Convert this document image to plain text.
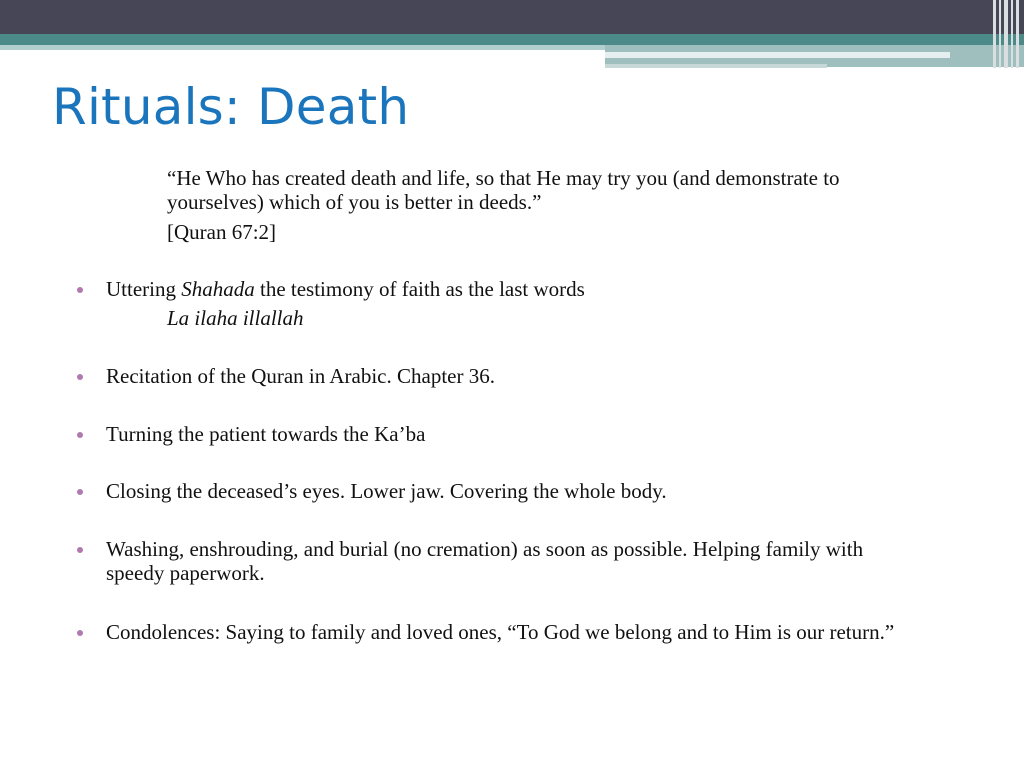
Rituals: Death
“He Who has created death and life, so that He may try you (and demonstrate to yourselves) which of you is better in deeds.”
[Quran 67:2]
Uttering Shahada the testimony of faith as the last words
La ilaha illallah
Recitation of the Quran in Arabic. Chapter 36.
Turning the patient towards the Ka’ba
Closing the deceased’s eyes. Lower jaw. Covering the whole body.
Washing, enshrouding, and burial (no cremation) as soon as possible. Helping family with speedy paperwork.
Condolences: Saying to family and loved ones, “To God we belong and to Him is our return.”
